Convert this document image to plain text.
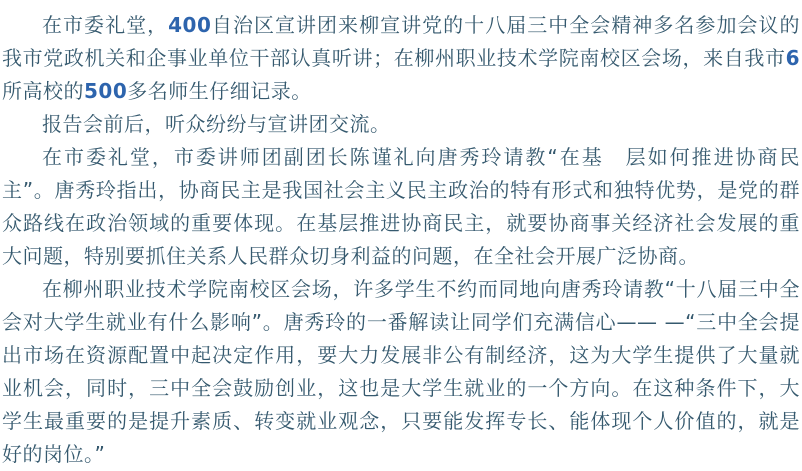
在市委礼堂，400自治区宣讲团来柳宣讲党的十八届三中全会精神多名参加会议的我市党政机关和企事业单位干部认真听讲；在柳州职业技术学院南校区会场，来自我市6所高校的500多名师生仔细记录。

报告会前后，听众纷纷与宣讲团交流。

在市委礼堂，市委讲师团副团长陈谨礼向唐秀玲请教“在基　层如何推进协商民主”。唐秀玲指出，协商民主是我国社会主义民主政治的特有形式和独特优势，是党的群众路线在政治领域的重要体现。在基层推进协商民主，就要协商事关经济社会发展的重大问题，特别要抓住关系人民群众切身利益的问题，在全社会开展广泛协商。

在柳州职业技术学院南校区会场，许多学生不约而同地向唐秀玲请教“十八届三中全会对大学生就业有什么影响”。唐秀玲的一番解读让同学们充满信心—— —“三中全会提出市场在资源配置中起决定作用，要大力发展非公有制经济，这为大学生提供了大量就业机会，同时，三中全会鼓励创业，这也是大学生就业的一个方向。在这种条件下，大学生最重要的是提升素质、转变就业观念，只要能发挥专长、能体现个人价值的，就是好的岗位。”
